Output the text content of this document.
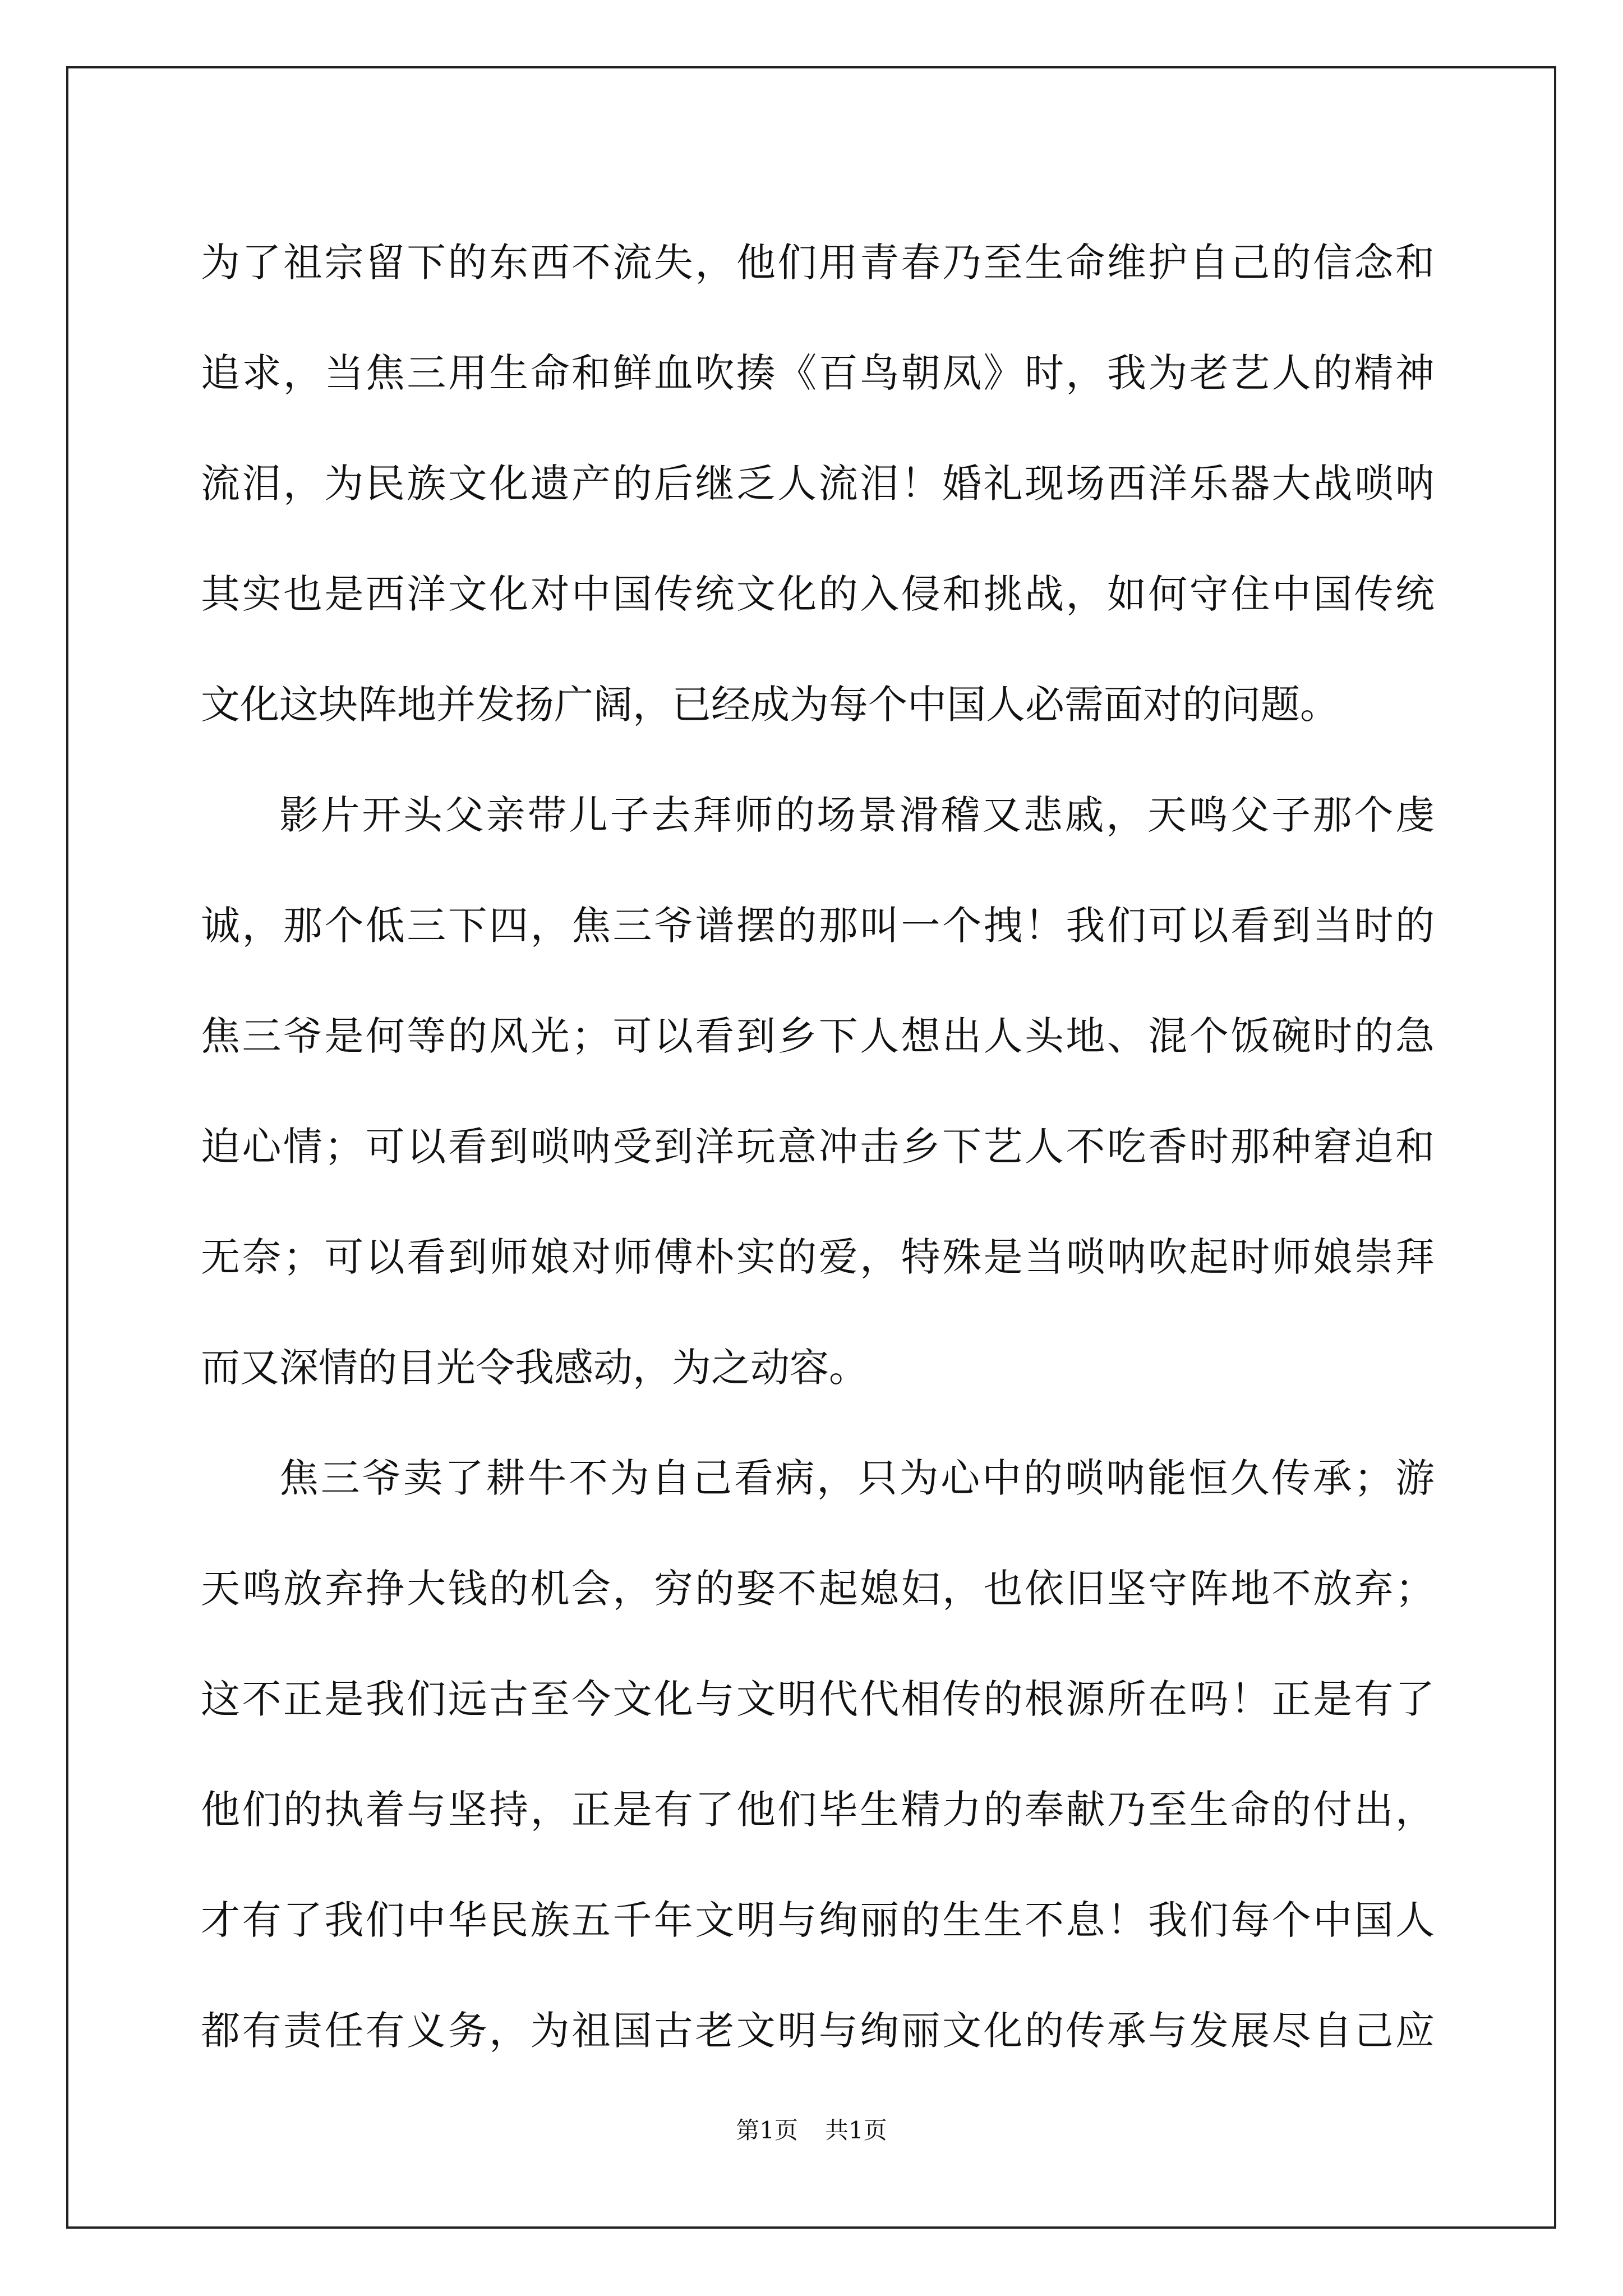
为了祖宗留下的东西不流失，他们用青春乃至生命维护自己的信念和
追求，当焦三用生命和鲜血吹揍《百鸟朝凤》时，我为老艺人的精神
流泪，为民族文化遗产的后继乏人流泪！婚礼现场西洋乐器大战唢呐
其实也是西洋文化对中国传统文化的入侵和挑战，如何守住中国传统
文化这块阵地并发扬广阔，已经成为每个中国人必需面对的问题。
影片开头父亲带儿子去拜师的场景滑稽又悲戚，天鸣父子那个虔
诚，那个低三下四，焦三爷谱摆的那叫一个拽！我们可以看到当时的
焦三爷是何等的风光；可以看到乡下人想出人头地、混个饭碗时的急
迫心情；可以看到唢呐受到洋玩意冲击乡下艺人不吃香时那种窘迫和
无奈；可以看到师娘对师傅朴实的爱，特殊是当唢呐吹起时师娘崇拜
而又深情的目光令我感动，为之动容。
焦三爷卖了耕牛不为自己看病，只为心中的唢呐能恒久传承；游
天鸣放弃挣大钱的机会，穷的娶不起媳妇，也依旧坚守阵地不放弃；
这不正是我们远古至今文化与文明代代相传的根源所在吗！正是有了
他们的执着与坚持，正是有了他们毕生精力的奉献乃至生命的付出，
才有了我们中华民族五千年文明与绚丽的生生不息！我们每个中国人
都有责任有义务，为祖国古老文明与绚丽文化的传承与发展尽自己应
第1页 共1页
